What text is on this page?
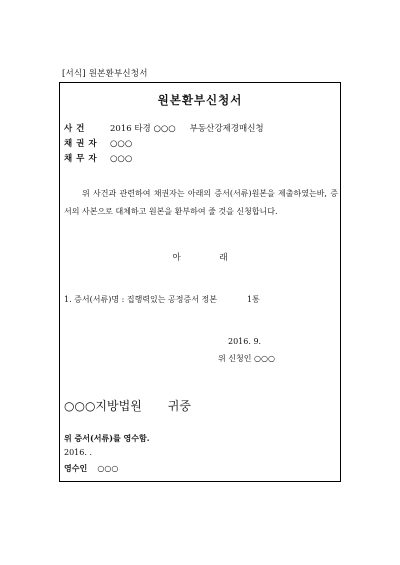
[서식] 원본환부신청서
원본환부신청서
사 건	2016 타경 ○○○ 부동산강제경매신청
채 권 자 ○○○
채 무 자 ○○○
위 사건과 관련하여 채권자는 아래의 증서(서류)원본을 제출하였는바, 증서의 사본으로 대체하고 원본을 환부하여 줄 것을 신청합니다.
아 래
1. 증서(서류)명 : 집행력있는 공정증서 정본	1통
2016. 9.
위 신청인 ○○○
○○○지방법원 귀중
위 증서(서류)를 영수함.
2016. .
영수인 ○○○
